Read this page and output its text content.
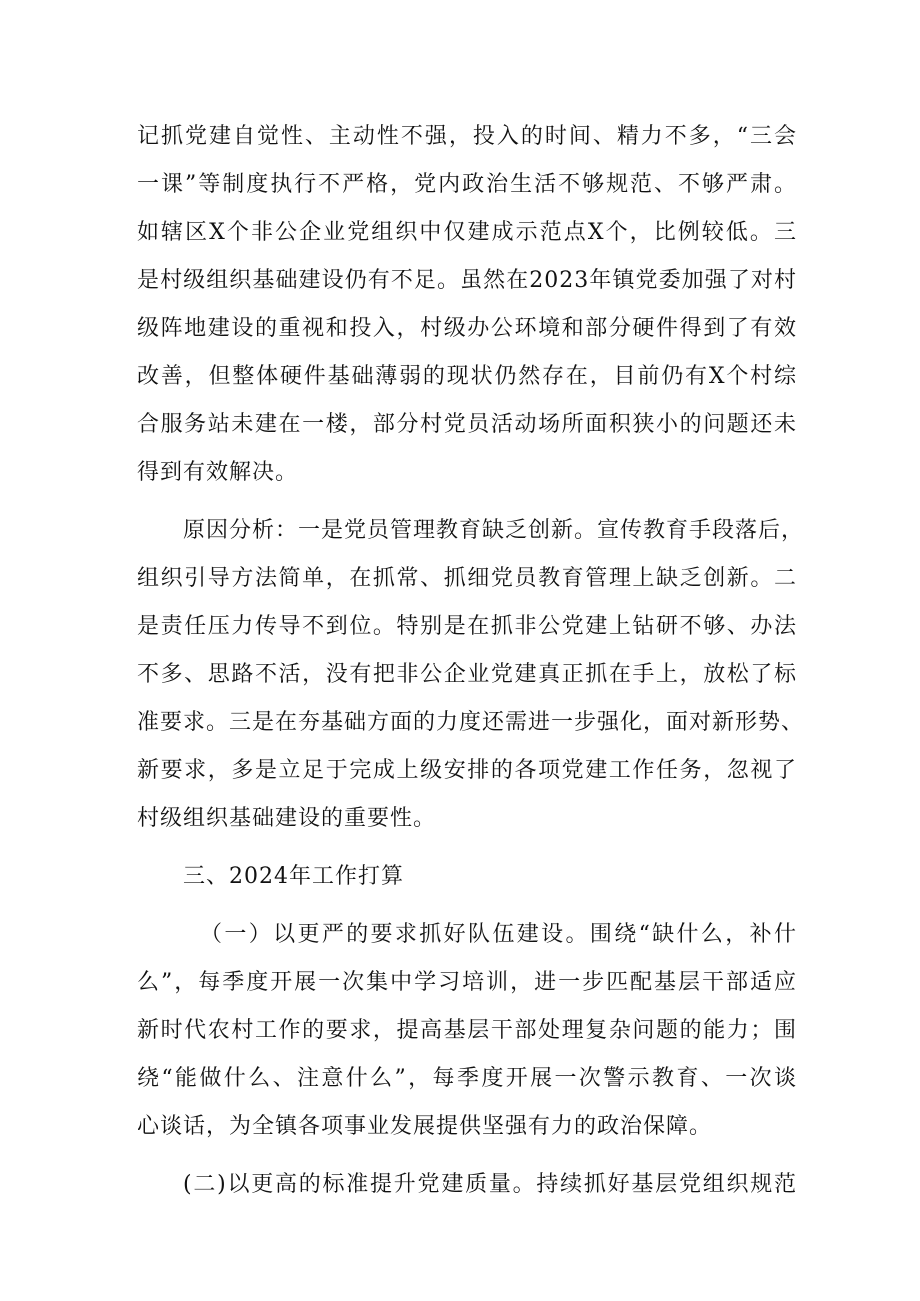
记抓党建自觉性、主动性不强，投入的时间、精力不多，“三会
一课”等制度执行不严格，党内政治生活不够规范、不够严肃。
如辖区X个非公企业党组织中仅建成示范点X个，比例较低。三
是村级组织基础建设仍有不足。虽然在2023年镇党委加强了对村
级阵地建设的重视和投入，村级办公环境和部分硬件得到了有效
改善，但整体硬件基础薄弱的现状仍然存在，目前仍有X个村综
合服务站未建在一楼，部分村党员活动场所面积狭小的问题还未
得到有效解决。
原因分析：一是党员管理教育缺乏创新。宣传教育手段落后，
组织引导方法简单，在抓常、抓细党员教育管理上缺乏创新。二
是责任压力传导不到位。特别是在抓非公党建上钻研不够、办法
不多、思路不活，没有把非公企业党建真正抓在手上，放松了标
准要求。三是在夯基础方面的力度还需进一步强化，面对新形势、
新要求，多是立足于完成上级安排的各项党建工作任务，忽视了
村级组织基础建设的重要性。
三、2024年工作打算
（一）以更严的要求抓好队伍建设。围绕“缺什么，补什
么”，每季度开展一次集中学习培训，进一步匹配基层干部适应
新时代农村工作的要求，提高基层干部处理复杂问题的能力；围
绕“能做什么、注意什么”，每季度开展一次警示教育、一次谈
心谈话，为全镇各项事业发展提供坚强有力的政治保障。
(二)以更高的标准提升党建质量。持续抓好基层党组织规范
